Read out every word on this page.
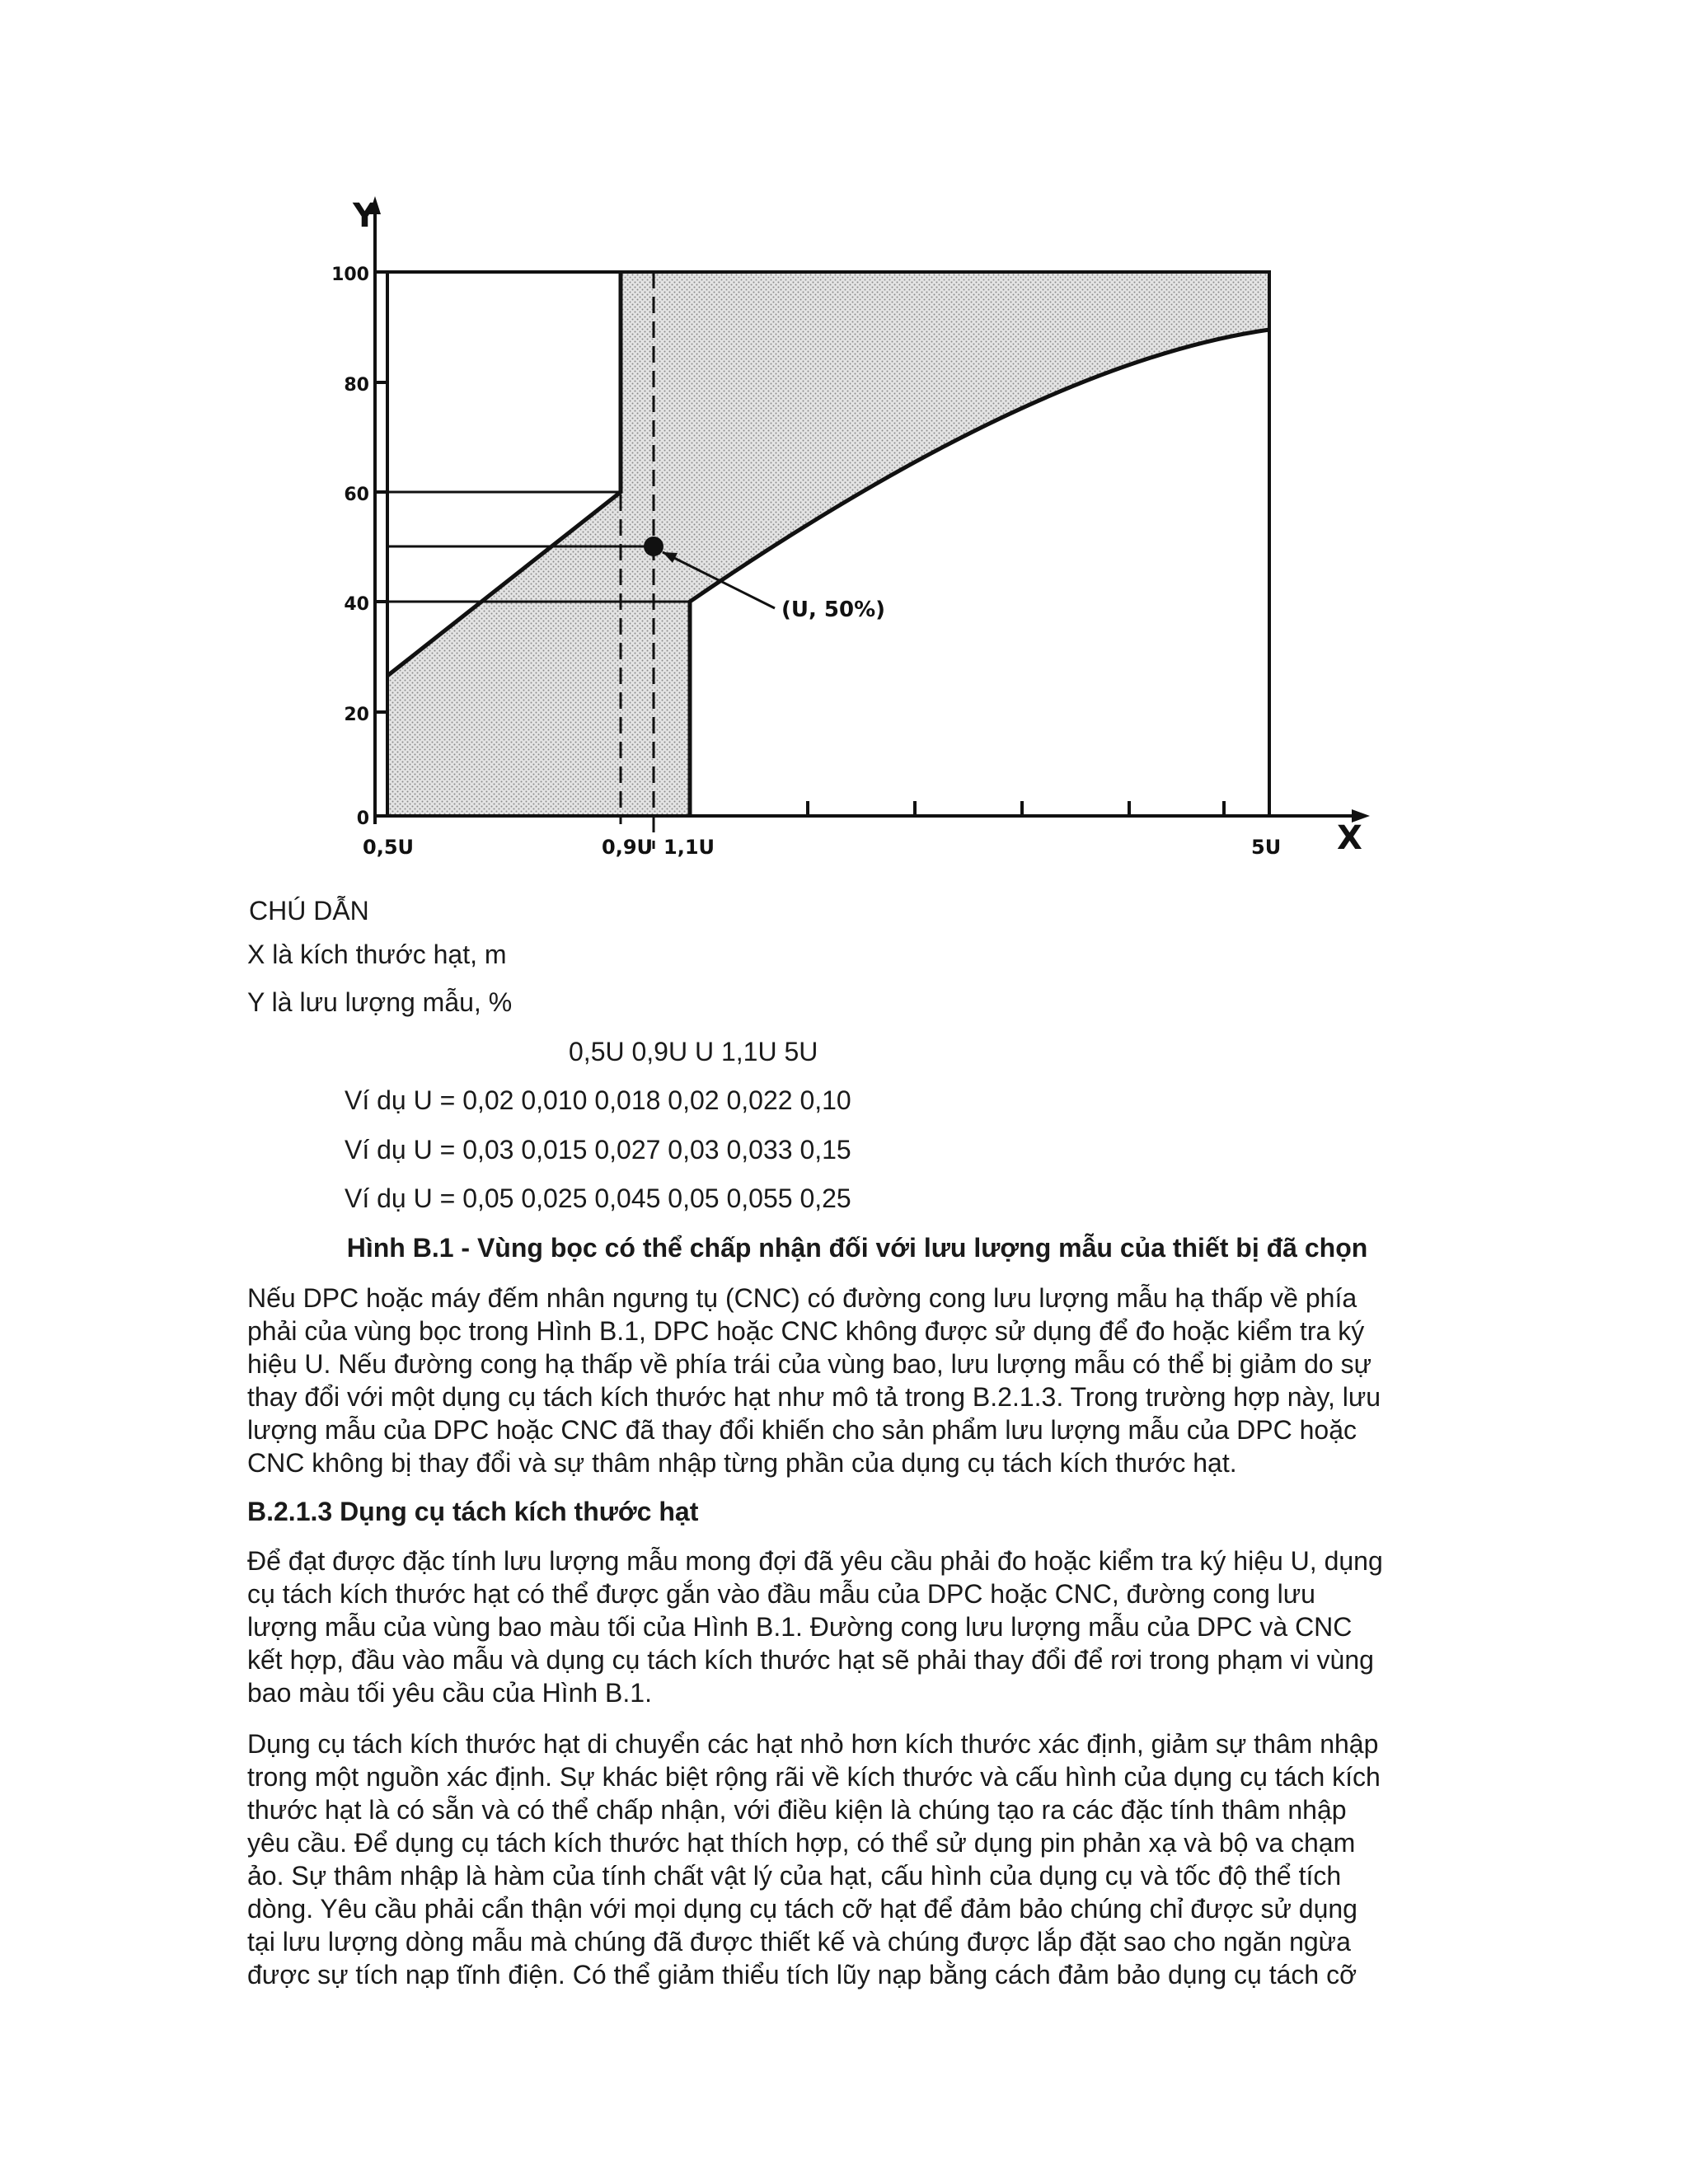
100
80
60
40
20
0
Y
X
0,5U	0,9U 1,1U	5U
(U, 50%)
CHÚ DẪN
X là kích thước hạt, m
Y là lưu lượng mẫu, %
0,5U 0,9U U 1,1U 5U
Ví dụ U = 0,02 0,010 0,018 0,02 0,022 0,10
Ví dụ U = 0,03 0,015 0,027 0,03 0,033 0,15
Ví dụ U = 0,05 0,025 0,045 0,05 0,055 0,25
Hình B.1 - Vùng bọc có thể chấp nhận đối với lưu lượng mẫu của thiết bị đã chọn
Nếu DPC hoặc máy đếm nhân ngưng tụ (CNC) có đường cong lưu lượng mẫu hạ thấp về phía
phải của vùng bọc trong Hình B.1, DPC hoặc CNC không được sử dụng để đo hoặc kiểm tra ký
hiệu U. Nếu đường cong hạ thấp về phía trái của vùng bao, lưu lượng mẫu có thể bị giảm do sự
thay đổi với một dụng cụ tách kích thước hạt như mô tả trong B.2.1.3. Trong trường hợp này, lưu
lượng mẫu của DPC hoặc CNC đã thay đổi khiến cho sản phẩm lưu lượng mẫu của DPC hoặc
CNC không bị thay đổi và sự thâm nhập từng phần của dụng cụ tách kích thước hạt.
B.2.1.3 Dụng cụ tách kích thước hạt
Để đạt được đặc tính lưu lượng mẫu mong đợi đã yêu cầu phải đo hoặc kiểm tra ký hiệu U, dụng
cụ tách kích thước hạt có thể được gắn vào đầu mẫu của DPC hoặc CNC, đường cong lưu
lượng mẫu của vùng bao màu tối của Hình B.1. Đường cong lưu lượng mẫu của DPC và CNC
kết hợp, đầu vào mẫu và dụng cụ tách kích thước hạt sẽ phải thay đổi để rơi trong phạm vi vùng
bao màu tối yêu cầu của Hình B.1.
Dụng cụ tách kích thước hạt di chuyển các hạt nhỏ hơn kích thước xác định, giảm sự thâm nhập
trong một nguồn xác định. Sự khác biệt rộng rãi về kích thước và cấu hình của dụng cụ tách kích
thước hạt là có sẵn và có thể chấp nhận, với điều kiện là chúng tạo ra các đặc tính thâm nhập
yêu cầu. Để dụng cụ tách kích thước hạt thích hợp, có thể sử dụng pin phản xạ và bộ va chạm
ảo. Sự thâm nhập là hàm của tính chất vật lý của hạt, cấu hình của dụng cụ và tốc độ thể tích
dòng. Yêu cầu phải cẩn thận với mọi dụng cụ tách cỡ hạt để đảm bảo chúng chỉ được sử dụng
tại lưu lượng dòng mẫu mà chúng đã được thiết kế và chúng được lắp đặt sao cho ngăn ngừa
được sự tích nạp tĩnh điện. Có thể giảm thiểu tích lũy nạp bằng cách đảm bảo dụng cụ tách cỡ
